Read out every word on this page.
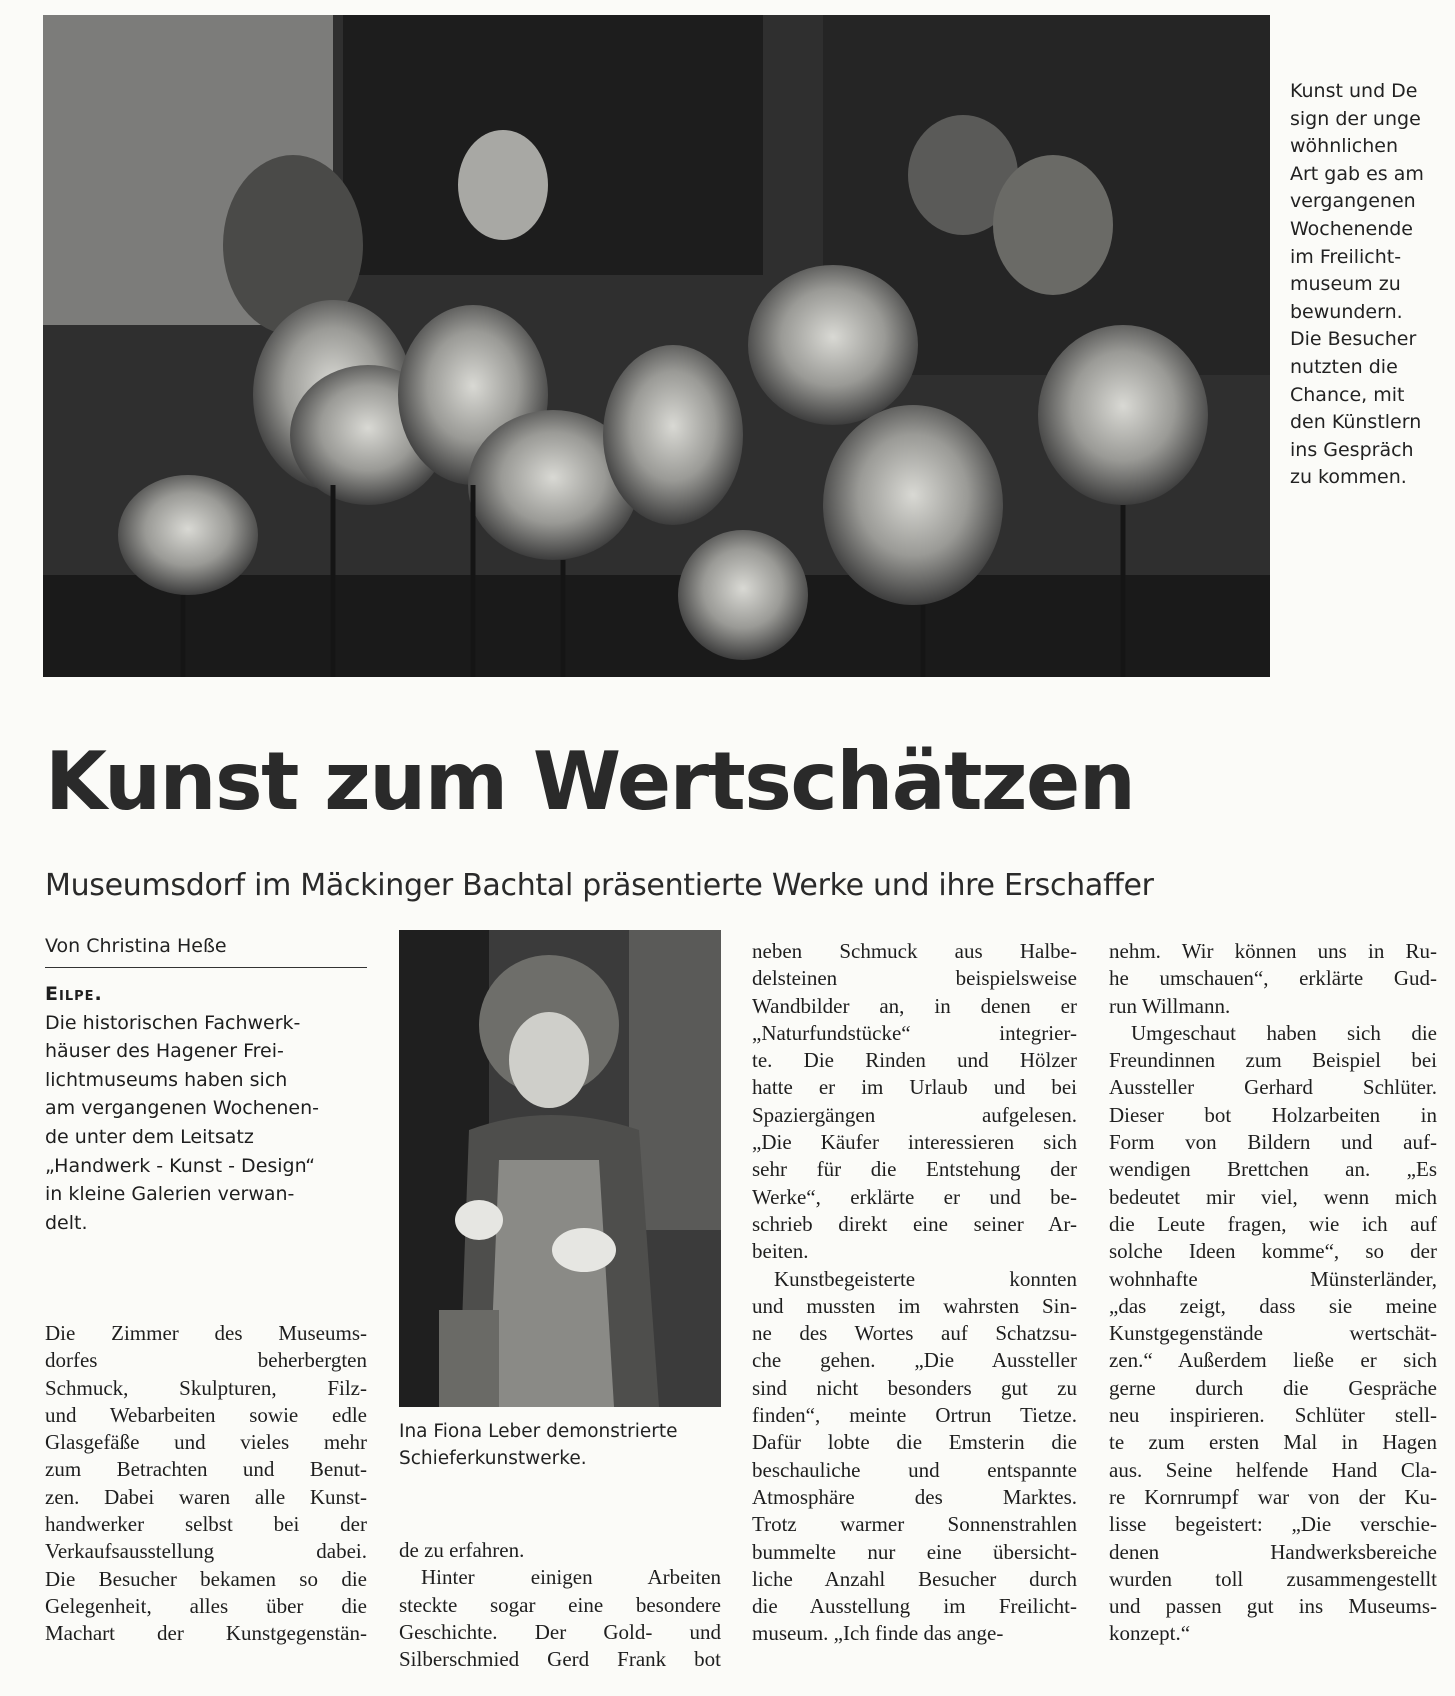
Kunst und De
sign der unge
wöhnlichen
Art gab es am
vergangenen
Wochenende
im Freilicht-
museum zu
bewundern.
Die Besucher
nutzten die
Chance, mit
den Künstlern
ins Gespräch
zu kommen.
Kunst zum Wertschätzen
Museumsdorf im Mäckinger Bachtal präsentierte Werke und ihre Erschaffer
Von Christina Heße
Eilpe.
Die historischen Fachwerk-
häuser des Hagener Frei-
lichtmuseums haben sich
am vergangenen Wochenen-
de unter dem Leitsatz
„Handwerk - Kunst - Design“
in kleine Galerien verwan-
delt.
Die Zimmer des Museums-
dorfes beherbergten
Schmuck, Skulpturen, Filz-
und Webarbeiten sowie edle
Glasgefäße und vieles mehr
zum Betrachten und Benut-
zen. Dabei waren alle Kunst-
handwerker selbst bei der
Verkaufsausstellung dabei.
Die Besucher bekamen so die
Gelegenheit, alles über die
Machart der Kunstgegenstän-
Ina Fiona Leber demonstrierte
Schieferkunstwerke.
de zu erfahren.
Hinter einigen Arbeiten
steckte sogar eine besondere
Geschichte. Der Gold- und
Silberschmied Gerd Frank bot
neben Schmuck aus Halbe-
delsteinen beispielsweise
Wandbilder an, in denen er
„Naturfundstücke“ integrier-
te. Die Rinden und Hölzer
hatte er im Urlaub und bei
Spaziergängen aufgelesen.
„Die Käufer interessieren sich
sehr für die Entstehung der
Werke“, erklärte er und be-
schrieb direkt eine seiner Ar-
beiten.
Kunstbegeisterte konnten
und mussten im wahrsten Sin-
ne des Wortes auf Schatzsu-
che gehen. „Die Aussteller
sind nicht besonders gut zu
finden“, meinte Ortrun Tietze.
Dafür lobte die Emsterin die
beschauliche und entspannte
Atmosphäre des Marktes.
Trotz warmer Sonnenstrahlen
bummelte nur eine übersicht-
liche Anzahl Besucher durch
die Ausstellung im Freilicht-
museum. „Ich finde das ange-
nehm. Wir können uns in Ru-
he umschauen“, erklärte Gud-
run Willmann.
Umgeschaut haben sich die
Freundinnen zum Beispiel bei
Aussteller Gerhard Schlüter.
Dieser bot Holzarbeiten in
Form von Bildern und auf-
wendigen Brettchen an. „Es
bedeutet mir viel, wenn mich
die Leute fragen, wie ich auf
solche Ideen komme“, so der
wohnhafte Münsterländer,
„das zeigt, dass sie meine
Kunstgegenstände wertschät-
zen.“ Außerdem ließe er sich
gerne durch die Gespräche
neu inspirieren. Schlüter stell-
te zum ersten Mal in Hagen
aus. Seine helfende Hand Cla-
re Kornrumpf war von der Ku-
lisse begeistert: „Die verschie-
denen Handwerksbereiche
wurden toll zusammengestellt
und passen gut ins Museums-
konzept.“
